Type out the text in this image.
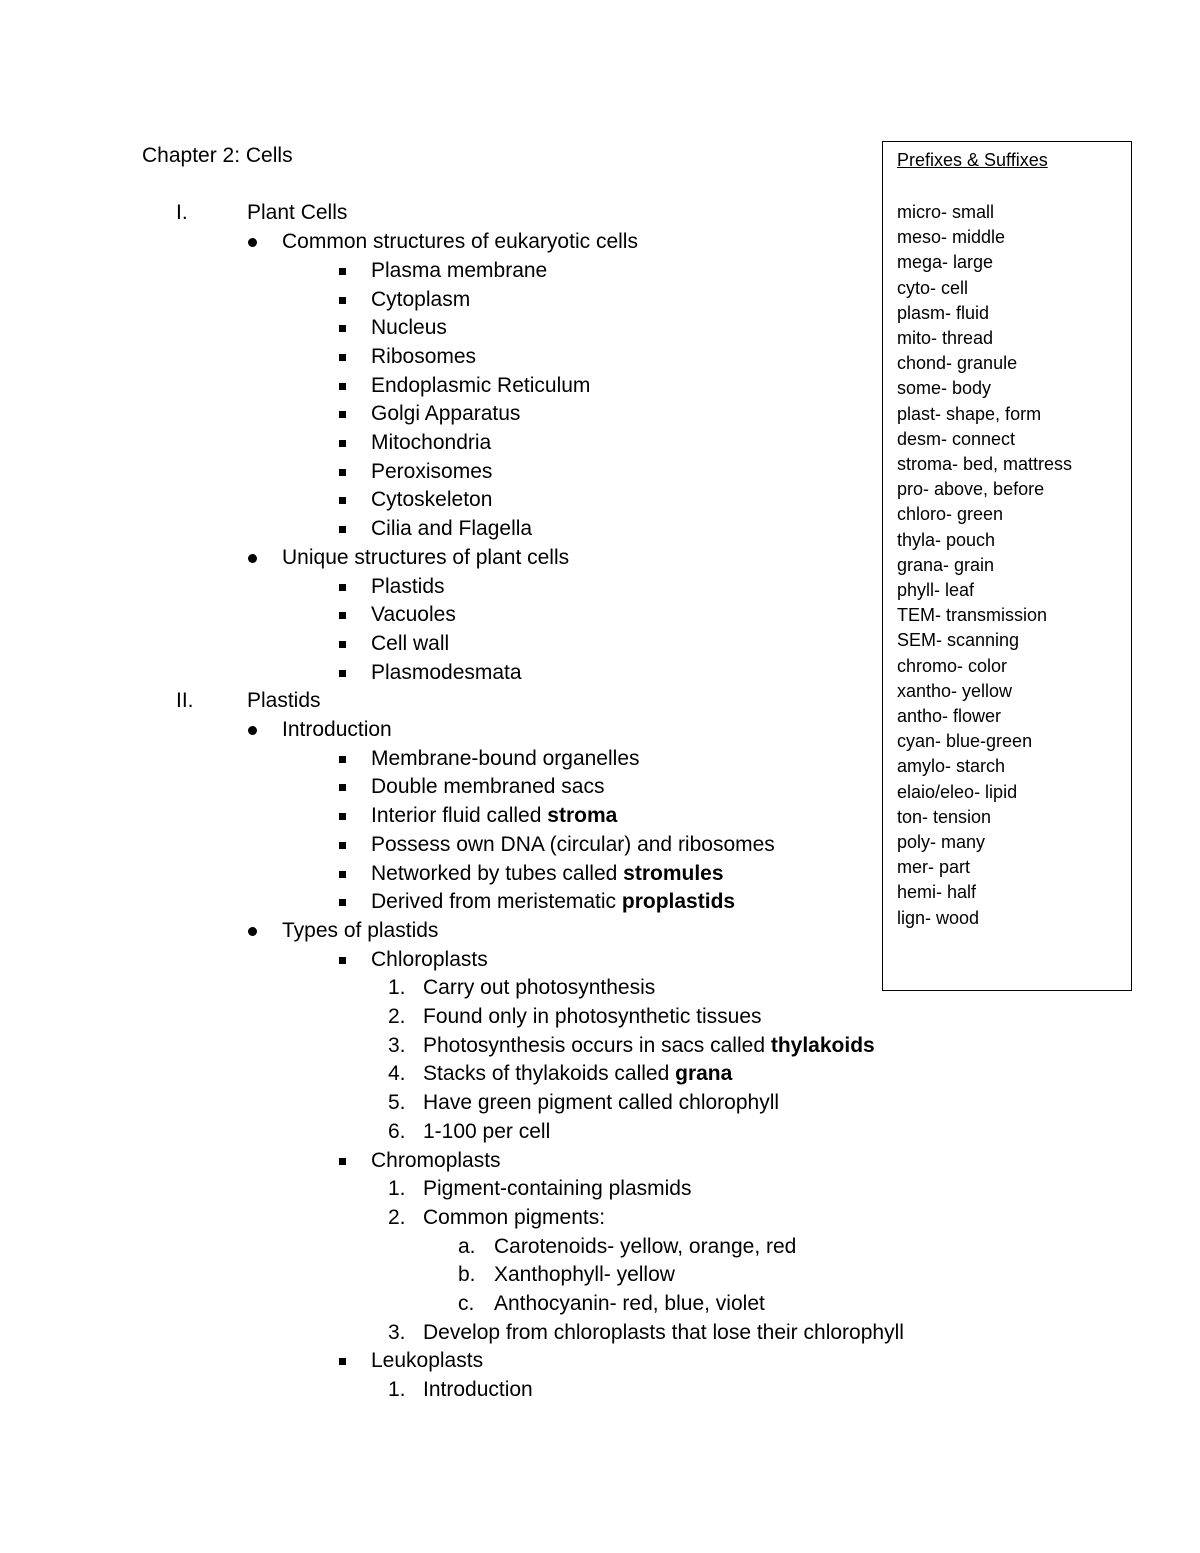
Chapter 2: Cells
Plant Cells
I.
Common structures of eukaryotic cells
Plasma membrane
Cytoplasm
Nucleus
Ribosomes
Endoplasmic Reticulum
Golgi Apparatus
Mitochondria
Peroxisomes
Cytoskeleton
Cilia and Flagella
Unique structures of plant cells
Plastids
Vacuoles
Cell wall
Plasmodesmata
Plastids
II.
Introduction
Membrane-bound organelles
Double membraned sacs
Interior fluid called stroma
Possess own DNA (circular) and ribosomes
Networked by tubes called stromules
Derived from meristematic proplastids
Types of plastids
Chloroplasts
Carry out photosynthesis
1.
Found only in photosynthetic tissues
2.
Photosynthesis occurs in sacs called thylakoids
3.
Stacks of thylakoids called grana
4.
Have green pigment called chlorophyll
5.
1-100 per cell
6.
Chromoplasts
Pigment-containing plasmids
1.
Common pigments:
2.
Carotenoids- yellow, orange, red
a.
Xanthophyll- yellow
b.
Anthocyanin- red, blue, violet
c.
Develop from chloroplasts that lose their chlorophyll
3.
Leukoplasts
Introduction
1.
Prefixes & Suffixes
micro- small
meso- middle
mega- large
cyto- cell
plasm- fluid
mito- thread
chond- granule
some- body
plast- shape, form
desm- connect
stroma- bed, mattress
pro- above, before
chloro- green
thyla- pouch
grana- grain
phyll- leaf
TEM- transmission
SEM- scanning
chromo- color
xantho- yellow
antho- flower
cyan- blue-green
amylo- starch
elaio/eleo- lipid
ton- tension
poly- many
mer- part
hemi- half
lign- wood
